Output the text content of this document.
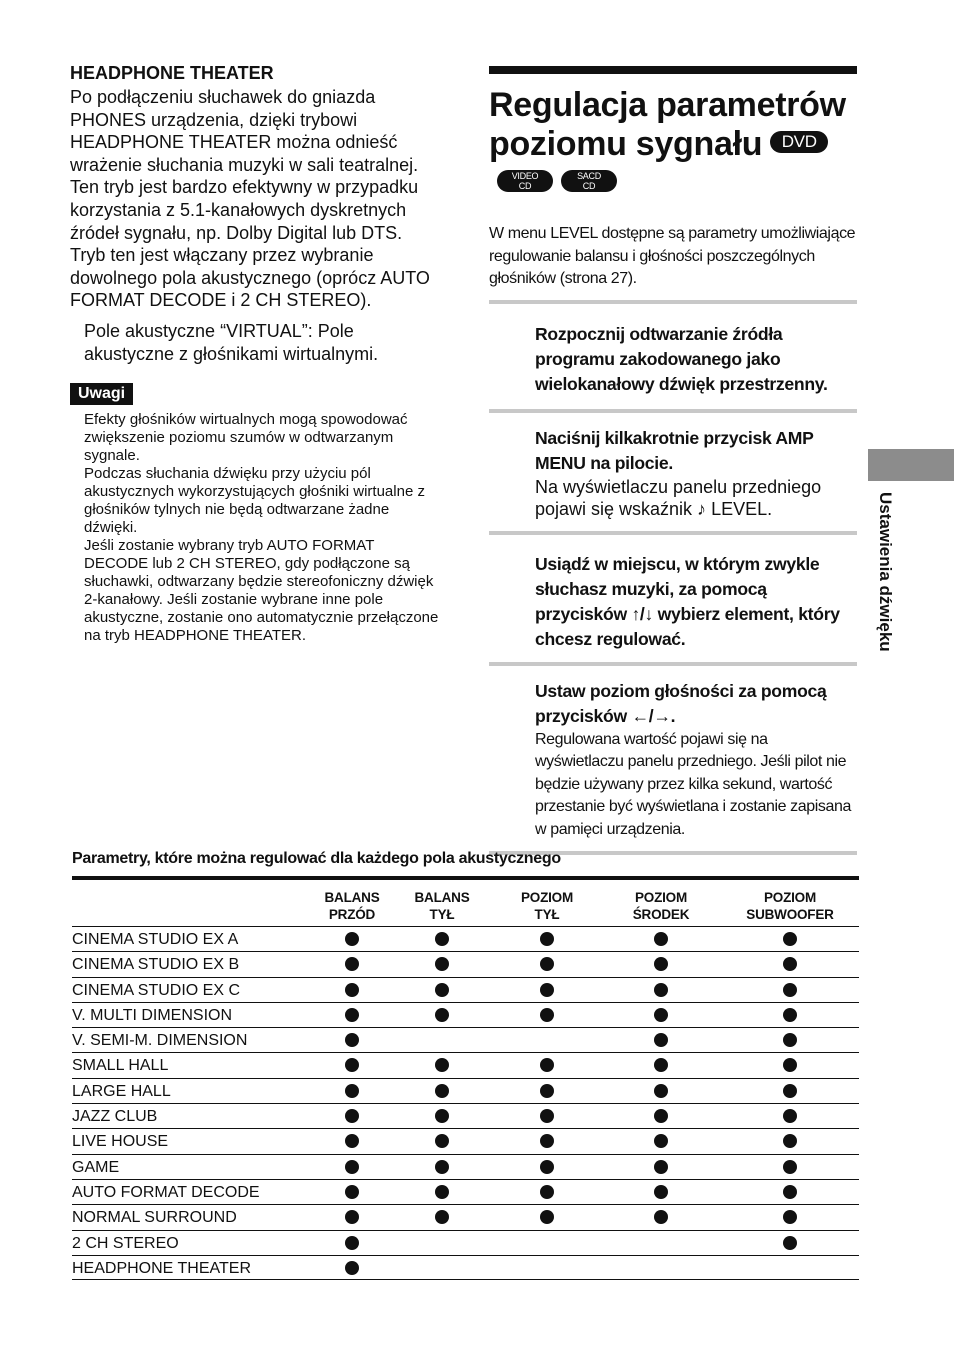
HEADPHONE THEATER

Po podłączeniu słuchawek do gniazda PHONES urządzenia, dzięki trybowi HEADPHONE THEATER można odnieść wrażenie słuchania muzyki w sali teatralnej. Ten tryb jest bardzo efektywny w przypadku korzystania z 5.1-kanałowych dyskretnych źródeł sygnału, np. Dolby Digital lub DTS. Tryb ten jest włączany przez wybranie dowolnego pola akustycznego (oprócz AUTO FORMAT DECODE i 2 CH STEREO).

Pole akustyczne “VIRTUAL”: Pole akustyczne z głośnikami wirtualnymi.

Uwagi

Efekty głośników wirtualnych mogą spowodować zwiększenie poziomu szumów w odtwarzanym sygnale.

Podczas słuchania dźwięku przy użyciu pól akustycznych wykorzystujących głośniki wirtualne z głośników tylnych nie będą odtwarzane żadne dźwięki.

Jeśli zostanie wybrany tryb AUTO FORMAT DECODE lub 2 CH STEREO, gdy podłączone są słuchawki, odtwarzany będzie stereofoniczny dźwięk 2-kanałowy. Jeśli zostanie wybrane inne pole akustyczne, zostanie ono automatycznie przełączone na tryb HEADPHONE THEATER.

Regulacja parametrów poziomu sygnału DVDVIDEO
CDSACD
CD

W menu LEVEL dostępne są parametry umożliwiające regulowanie balansu i głośności poszczególnych głośników (strona 27).

Rozpocznij odtwarzanie źródła programu zakodowanego jako wielokanałowy dźwięk przestrzenny.
Naciśnij kilkakrotnie przycisk AMP MENU na pilocie.
Na wyświetlaczu panelu przedniego pojawi się wskaźnik ♪ LEVEL.
Usiądź w miejscu, w którym zwykle słuchasz muzyki, za pomocą przycisków ↑/↓ wybierz element, który chcesz regulować.
Ustaw poziom głośności za pomocą przycisków ←/→.
Regulowana wartość pojawi się na wyświetlaczu panelu przedniego. Jeśli pilot nie będzie używany przez kilka sekund, wartość przestanie być wyświetlana i zostanie zapisana w pamięci urządzenia.
Ustawienia dźwięku
Parametry, które można regulować dla każdego pola akustycznego
BALANS
PRZÓD
BALANS
TYŁ
POZIOM
TYŁ
POZIOM
ŚRODEK
POZIOM
SUBWOOFER
CINEMA STUDIO EX A
CINEMA STUDIO EX B
CINEMA STUDIO EX C
V. MULTI DIMENSION
V. SEMI-M. DIMENSION
SMALL HALL
LARGE HALL
JAZZ CLUB
LIVE HOUSE
GAME
AUTO FORMAT DECODE
NORMAL SURROUND
2 CH STEREO
HEADPHONE THEATER
